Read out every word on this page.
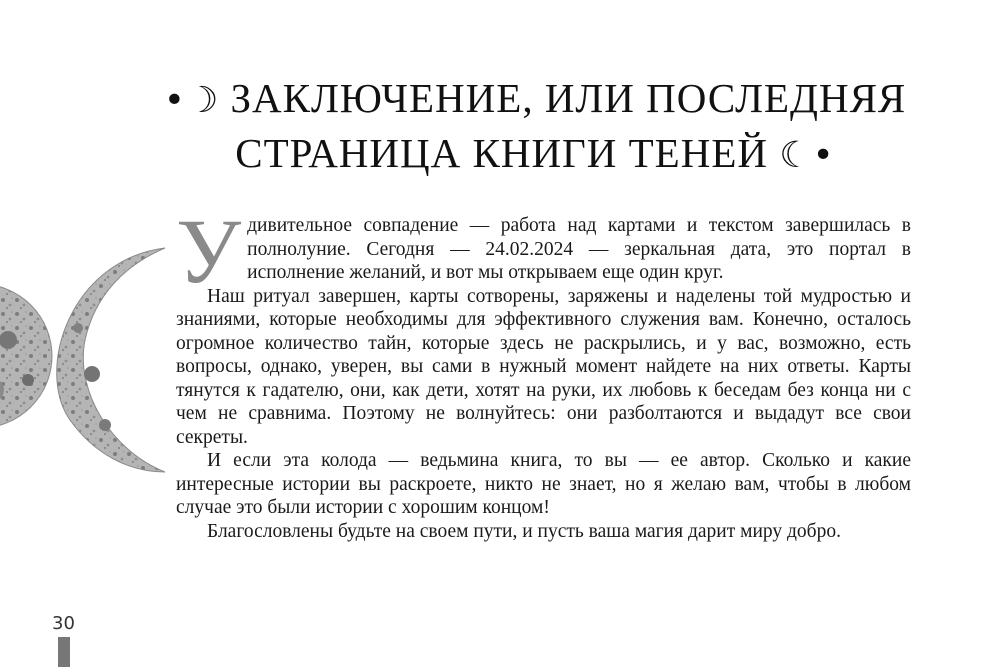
•☽ ЗАКЛЮЧЕНИЕ, ИЛИ ПОСЛЕДНЯЯ
СТРАНИЦА КНИГИ ТЕНЕЙ ☾•

Удивительное совпадение — работа над картами и текстом завершилась в полнолуние. Сегодня — 24.02.2024 — зеркальная дата, это портал в исполнение желаний, и вот мы открываем еще один круг.

Наш ритуал завершен, карты сотворены, заряжены и наделены той мудростью и знаниями, которые необходимы для эффективного служения вам. Конечно, осталось огромное количество тайн, которые здесь не раскрылись, и у вас, возможно, есть вопросы, однако, уверен, вы сами в нужный момент найдете на них ответы. Карты тянутся к гадателю, они, как дети, хотят на руки, их любовь к беседам без конца ни с чем не сравнима. Поэтому не волнуйтесь: они разболтаются и выдадут все свои секреты.

И если эта колода — ведьмина книга, то вы — ее автор. Сколько и какие интересные истории вы раскроете, никто не знает, но я желаю вам, чтобы в любом случае это были истории с хорошим концом!

Благословлены будьте на своем пути, и пусть ваша магия дарит миру добро.

30
